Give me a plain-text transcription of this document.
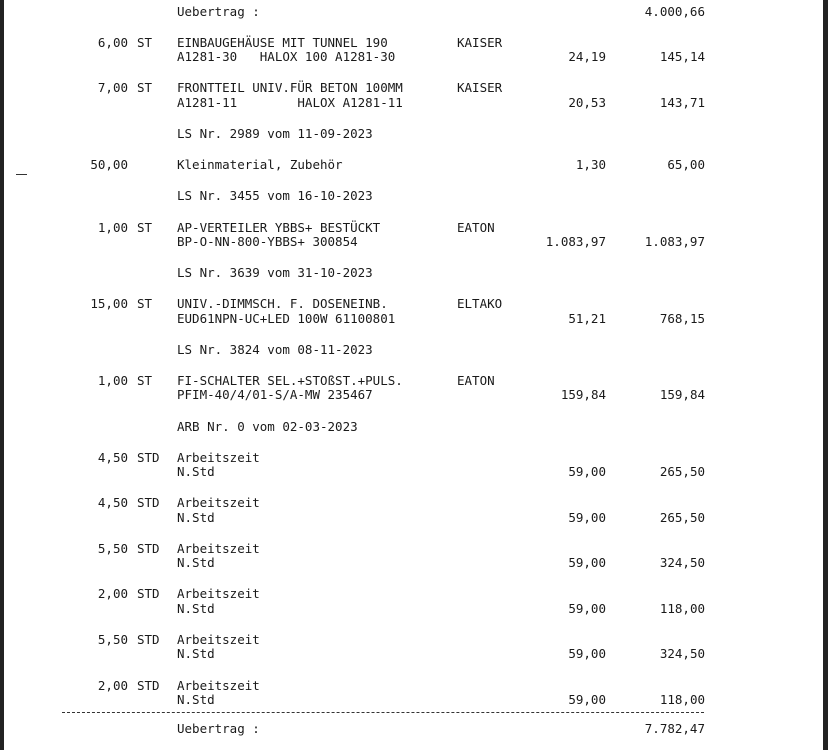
Uebertrag :	4.000,66
6,00 ST EINBAUGEHÄUSE MIT TUNNEL 190	KAISER
A1281-30   HALOX 100 A1281-30	24,19	145,14
7,00 ST FRONTTEIL UNIV.FÜR BETON 100MM	KAISER
A1281-11        HALOX A1281-11	20,53	143,71
LS Nr. 2989 vom 11-09-2023
50,00	Kleinmaterial, Zubehör	1,30	65,00
LS Nr. 3455 vom 16-10-2023
1,00 ST AP-VERTEILER YBBS+ BESTÜCKT	EATON
BP-O-NN-800-YBBS+ 300854	1.083,97	1.083,97
LS Nr. 3639 vom 31-10-2023
15,00 ST UNIV.-DIMMSCH. F. DOSENEINB.	ELTAKO
EUD61NPN-UC+LED 100W 61100801	51,21	768,15
LS Nr. 3824 vom 08-11-2023
1,00 ST FI-SCHALTER SEL.+STOßST.+PULS.	EATON
PFIM-40/4/01-S/A-MW 235467	159,84	159,84
ARB Nr. 0 vom 02-03-2023
4,50 STD Arbeitszeit
N.Std	59,00	265,50
4,50 STD Arbeitszeit
N.Std	59,00	265,50
5,50 STD Arbeitszeit
N.Std	59,00	324,50
2,00 STD Arbeitszeit
N.Std	59,00	118,00
5,50 STD Arbeitszeit
N.Std	59,00	324,50
2,00 STD Arbeitszeit
N.Std	59,00	118,00
Uebertrag :	7.782,47
